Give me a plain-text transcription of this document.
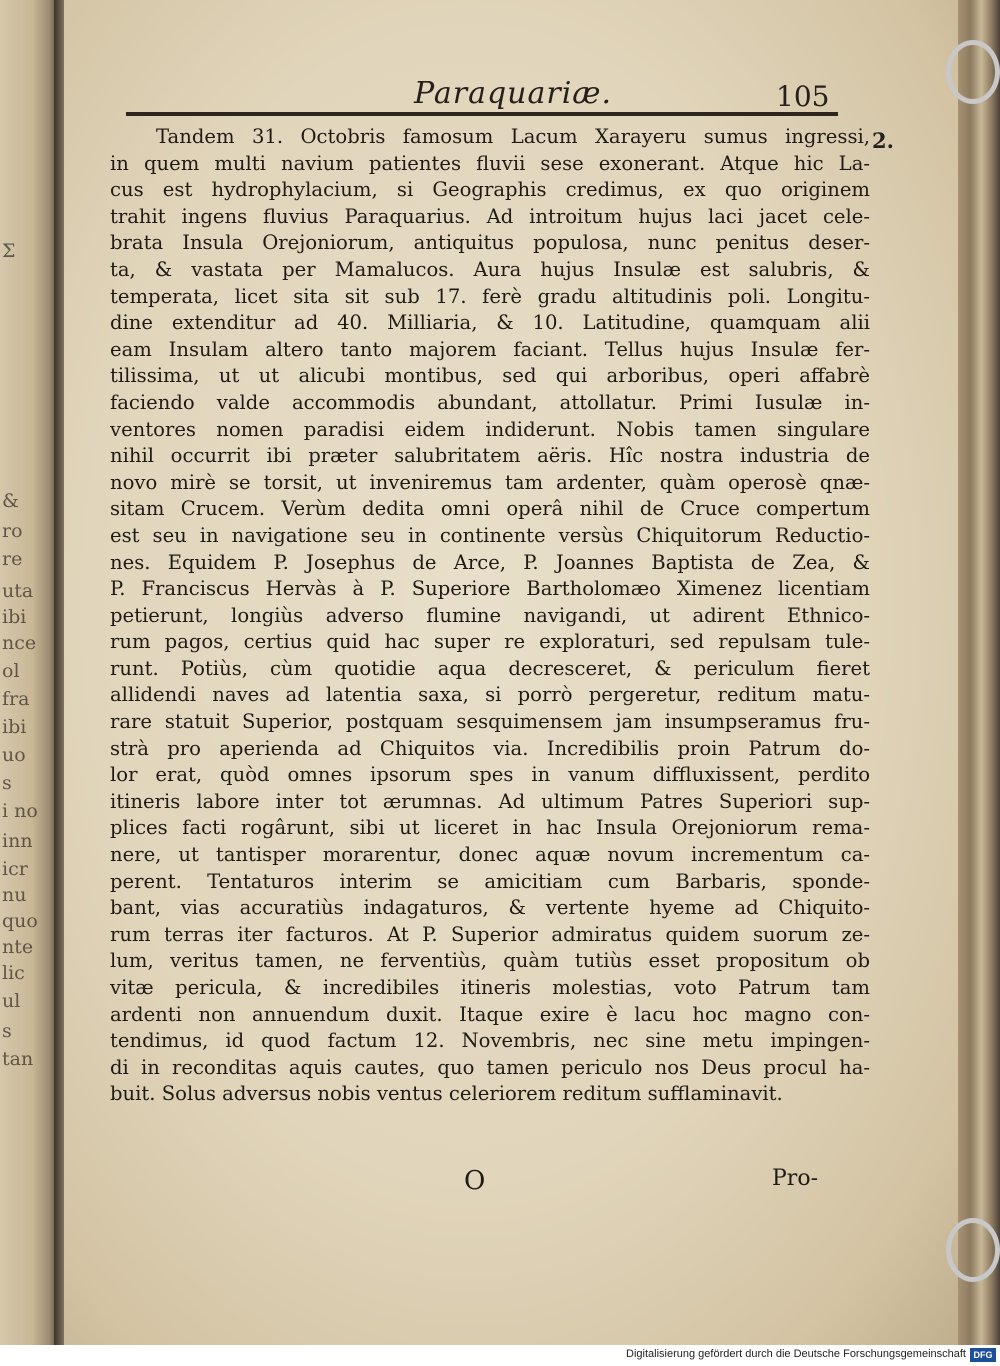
Σ
&
ro
re
uta
ibi
nce
ol
fra
ibi
uo
s
i no
inn
icr
nu
quo
nte
lic
ul
s
tan
Paraquariæ.	105
2.
Tandem 31. Octobris famosum Lacum Xarayeru sumus ingressi,
in quem multi navium patientes fluvii sese exonerant. Atque hic La-
cus est hydrophylacium, si Geographis credimus, ex quo originem
trahit ingens fluvius Paraquarius. Ad introitum hujus laci jacet cele-
brata Insula Orejoniorum, antiquitus populosa, nunc penitus deser-
ta, & vastata per Mamalucos. Aura hujus Insulæ est salubris, &
temperata, licet sita sit sub 17. ferè gradu altitudinis poli. Longitu-
dine extenditur ad 40. Milliaria, & 10. Latitudine, quamquam alii
eam Insulam altero tanto majorem faciant. Tellus hujus Insulæ fer-
tilissima, ut ut alicubi montibus, sed qui arboribus, operi affabrè
faciendo valde accommodis abundant, attollatur. Primi Iusulæ in-
ventores nomen paradisi eidem indiderunt. Nobis tamen singulare
nihil occurrit ibi præter salubritatem aëris. Hîc nostra industria de
novo mirè se torsit, ut inveniremus tam ardenter, quàm operosè qnæ-
sitam Crucem. Verùm dedita omni operâ nihil de Cruce compertum
est seu in navigatione seu in continente versùs Chiquitorum Reductio-
nes. Equidem P. Josephus de Arce, P. Joannes Baptista de Zea, &
P. Franciscus Hervàs à P. Superiore Bartholomæo Ximenez licentiam
petierunt, longiùs adverso flumine navigandi, ut adirent Ethnico-
rum pagos, certius quid hac super re exploraturi, sed repulsam tule-
runt. Potiùs, cùm quotidie aqua decresceret, & periculum fieret
allidendi naves ad latentia saxa, si porrò pergeretur, reditum matu-
rare statuit Superior, postquam sesquimensem jam insumpseramus fru-
strà pro aperienda ad Chiquitos via. Incredibilis proin Patrum do-
lor erat, quòd omnes ipsorum spes in vanum diffluxissent, perdito
itineris labore inter tot ærumnas. Ad ultimum Patres Superiori sup-
plices facti rogârunt, sibi ut liceret in hac Insula Orejoniorum rema-
nere, ut tantisper morarentur, donec aquæ novum incrementum ca-
perent. Tentaturos interim se amicitiam cum Barbaris, sponde-
bant, vias accuratiùs indagaturos, & vertente hyeme ad Chiquito-
rum terras iter facturos. At P. Superior admiratus quidem suorum ze-
lum, veritus tamen, ne ferventiùs, quàm tutiùs esset propositum ob
vitæ pericula, & incredibiles itineris molestias, voto Patrum tam
ardenti non annuendum duxit. Itaque exire è lacu hoc magno con-
tendimus, id quod factum 12. Novembris, nec sine metu impingen-
di in reconditas aquis cautes, quo tamen periculo nos Deus procul ha-
buit. Solus adversus nobis ventus celeriorem reditum sufflaminavit.
O	Pro-
Digitalisierung gefördert durch die Deutsche Forschungsgemeinschaft DFG
